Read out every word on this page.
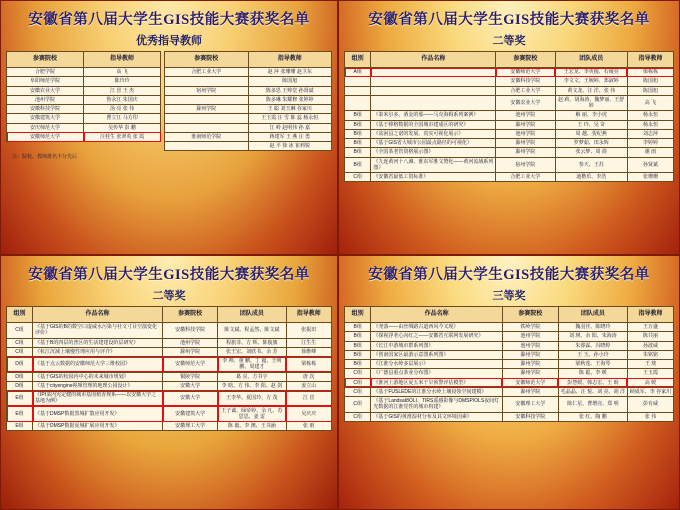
安徽省第八届大学生GIS技能大赛获奖名单
优秀指导教师
参赛院校	指导教师
合肥学院	高 飞
阜阳师范学院	陈玲玲
安徽农业大学	江 冒 王 杰
池州学院	鲁永江 朱国庆
安徽科技学院	汤 亮 张 伟
安徽建筑大学	曹立江 马方印
安庆师范大学	吴传华 彭 鹏
安徽师范大学	汪桂生 张翠英 张 霞
参赛院校	指导教师
合肥工业大学	赵 萍 张珊珊 赵卫东
	陈国旭
宿州学院	陈多思 王帅堂 孙贤斌
	陈多琳 朱耀修 张婷婷
滁州学院	王 聪 刘玉琳 谷家川
	王玉霞 汪 雪 陈 蕊 杨永恒
	江 岭 赵明伟 孙 嘉
淮南师范学院	蒋建军 王 燕 汪 勇
	赵 平 徐 冰 崔莉锐
注：院校、教师排名不分先后
安徽省第八届大学生GIS技能大赛获奖名单
二等奖
组别	作品名称	参赛院校	团队成员	指导教师
A组		安徽师范大学	王宏龙、李英俊、石绫亮	梁栋栋
		安徽科技学院	李文文、王婉婷、郑淑婷	陈国旭
		合肥工业大学	黄文龙、汪 洋、张 伟	陈国旭
		安徽农业大学	赵 莉、胡海涛、魏梦丽、王舒婷	高 飞
B组	《泰米尔多、酒金的那——马克海姆系列案例》	池州学院	解 丽、李小虎	杨永恒
B组	《基于棒格数据的全国城市建成区的研究》	滁州学院	王 玲、吴 奇	杨永恒
B组	《贫困县之诺的发展、真实可视化展示》	池州学院	周 越、贺纪燕	刘志萍
B组	《基于GIS省大城市公园最点路径的可视化》	滁州学院	罗梦茹、田永辉	李婷婷
B组	《全国茶老管资格展示图》	滁州学院	张云梦、周 倩	谢 雨
B组	《九连黄河十八滩、淮东军胜文赞化——黄河流域系列图》	宿州学院	参天、王苏	孙贤斌
C组	《安徽省最低工资标准》	合肥工业大学	迪楷乐、李浩	张珊珊
安徽省第八届大学生GIS技能大赛获奖名单
二等奖
组别	作品名称	参赛院校	团队成员	指导教师
C组	《基于GIS的B的数空口虚威水污染与社文寸目空演变化评价》	安徽科技学院	陈文斌、程孟然、陈文斌	张振田
C组	《基于B的四层的普区的生活建建设阶层研究》	池州学院	程旅菲、方 辉、陈俊旗	江生生
C组	《杭江沉减土壤慢性理应用与评介》	滁州学院	张王宏、刘欣书、余 芳	徐维峰
D组	《基于点云数据的安徽师范大学三维校园》	安徽师范大学	李 帅、童 鹏、丁 超、王明鹏、周建才	梁栋栋
D组	《基于GIS的校园内中心的未来城市规划》	铜陵学院	葛 亮、方书宇	唐 次
D组	《基于cityengine视频管理的地理公园设计》	安徽大学	李 晗、方 伟、李 阳、赵 剑	姜立山
E组	《IPI菜内宪定健的城市基围植香规系——以安徽大学之基地为例》	安徽大学	王李华、夏国玲、方 茂	江 冒
E组	《基于DMSP数据黑城扩散应用开发》	安徽建筑大学	王子诚、绿帝婷、余 凡、苏思思、姜 雷	吴庆庆
E组	《基于DMSP数据夏城扩展应用开发》	安徽理工大学	陈 毅、李 澳、王书涵	张 雨
安徽省第八届大学生GIS技能大赛获奖名单
三等奖
组别	作品名称	参赛院校	团队成员	指导教师
B组	《尧落——由丝绸路古道西风今又现》	铁岭学院	魏羽佳、陈晓玲	王万盛
B组	《探视浮老心向红之——安徽省互联网发展研究》	池州学院	刘 瑛、余 阳、朱海涛	陈共丽
B组	《长江中游城市群系列图》	池州学院	朱睿霖、冯晓婷	孙波威
B组	《创南国家区最游示意图系列图》	滁州学院	王 玉、孙小玲	朱铭铭
B组	《江淮分水岭多层展示》	滁州学院	梁秋莲、王海琴	王 琰
C组	《广德县重点茶业分布图》	滁州学院	陈 聪、李 媛	王玉霞
C组	《淮河上游地区夏五米干旱预警评估模型》	安徽师范大学	彭慧媛、韩志宏、王 盼	高 媛
C组	《基于FUSLEDE的江淮分水岭土壤侵蚀空间建模》	滁州学院	毛晶晶、汪 悦、刘 亮、胡 洋	顾成军、李 谷家川
C组	《基于Landsat8OLI、TIRS遥感影像与DMSP/OLS夜间灯光数据的江淮党性的城市构建》	安徽理工大学	陈仁星、曹增亮、郑 明	彭有威
C组	《基于GIS的黄淮湿材分布及其文环境因素》	安徽科技学院	张 红、陶 鹏	张 伟
